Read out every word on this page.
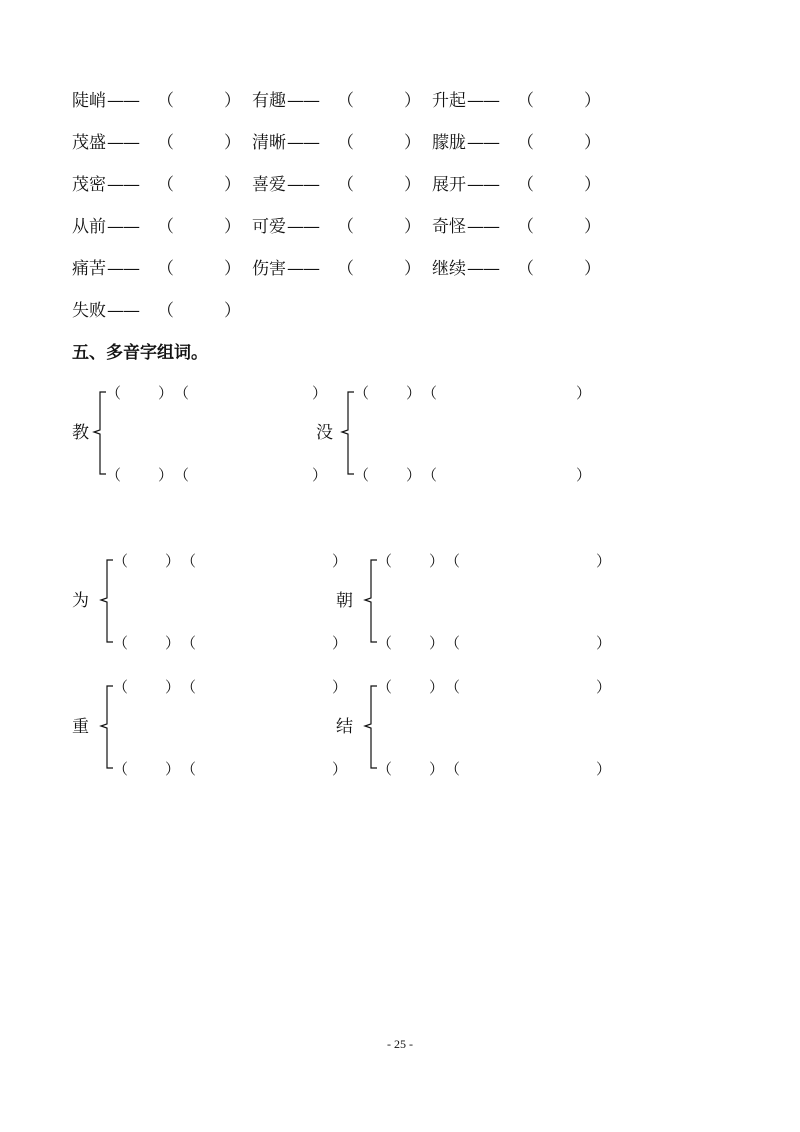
陡峭—— （	） 有趣—— （	） 升起—— （	）
茂盛—— （	） 清晰—— （	） 朦胧—— （	）
茂密—— （	） 喜爱—— （	） 展开—— （	）
从前—— （	） 可爱—— （	） 奇怪—— （	）
痛苦—— （	） 伤害—— （	） 继续—— （	）
失败—— （	）
五、多音字组词。
教
（ ） （	）
（ ） （	）
没
（ ） （	）
（ ） （	）
为
（ ） （	）
（ ） （	）
朝
（ ） （	）
（ ） （	）
重
（ ） （	）
（ ） （	）
结
（ ） （	）
（ ） （	）
- 25 -
